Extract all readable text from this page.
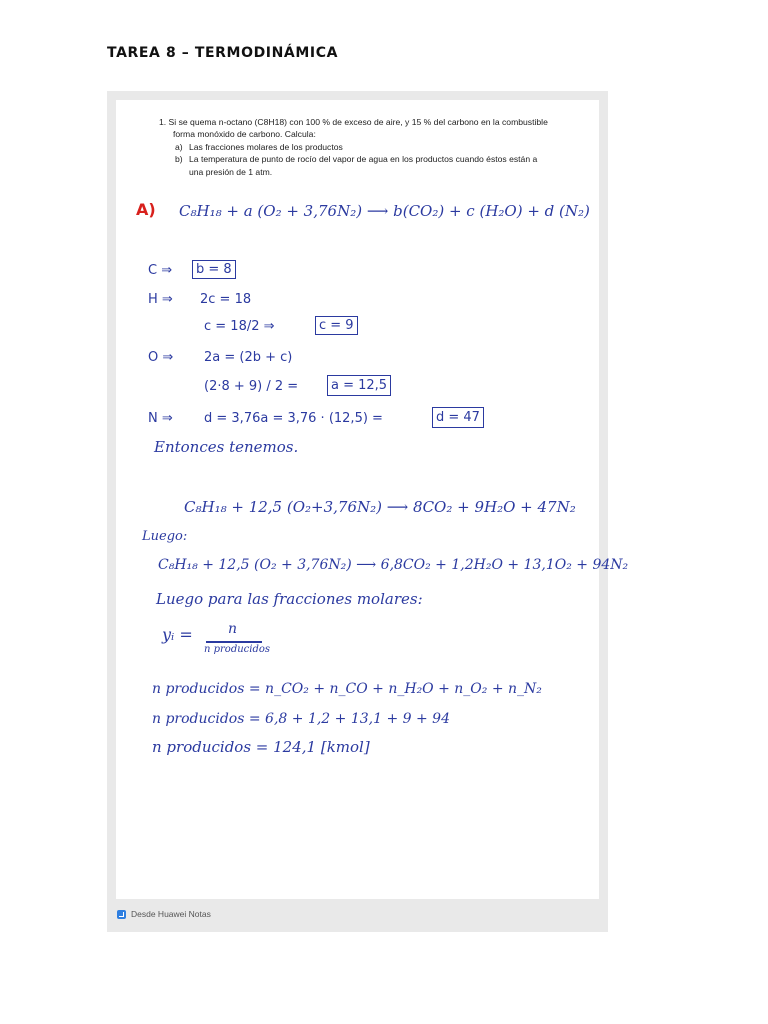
TAREA 8 – TERMODINÁMICA
1. Si se quema n-octano (C8H18) con 100 % de exceso de aire, y 15 % del carbono en la combustible
forma monóxido de carbono. Calcula:
a) Las fracciones molares de los productos
b) La temperatura de punto de rocío del vapor de agua en los productos cuando éstos están a
una presión de 1 atm.
A) C₈H₁₈ + a (O₂ + 3,76N₂) ⟶ b(CO₂) + c (H₂O) + d (N₂)
C ⇒	b = 8
H ⇒ 2c = 18
c = 18/2 ⇒	c = 9
O ⇒ 2a = (2b + c)
(2·8 + 9) / 2 =	a = 12,5
N ⇒ d = 3,76a = 3,76 · (12,5) =	d = 47
Entonces tenemos.
C₈H₁₈ + 12,5 (O₂+3,76N₂) ⟶ 8CO₂ + 9H₂O + 47N₂
Luego:
C₈H₁₈ + 12,5 (O₂ + 3,76N₂) ⟶ 6,8CO₂ + 1,2H₂O + 13,1O₂ + 94N₂
Luego para las fracciones molares:
yᵢ =	n
n producidos
n producidos = n_CO₂ + n_CO + n_H₂O + n_O₂ + n_N₂
n producidos = 6,8 + 1,2 + 13,1 + 9 + 94
n producidos = 124,1 [kmol]
Desde Huawei Notas
